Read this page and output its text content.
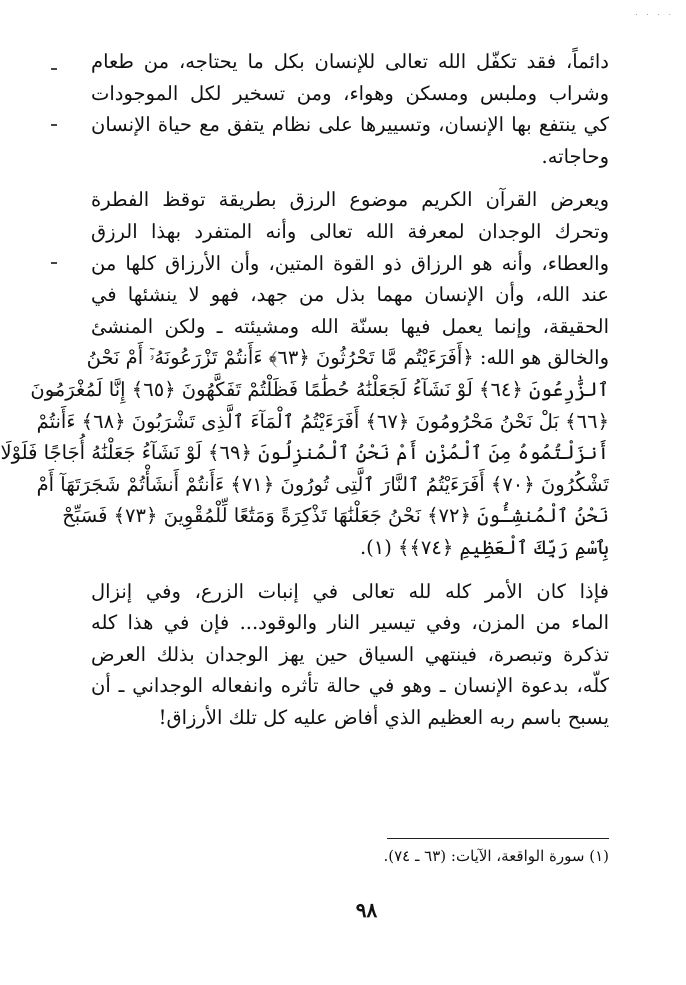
. . . .
دائماً، فقد تكفّل الله تعالى للإنسان بكل ما يحتاجه، من طعام
وشراب وملبس ومسكن وهواء، ومن تسخير لكل الموجودات
كي ينتفع بها الإنسان، وتسييرها على نظام يتفق مع حياة الإنسان
وحاجاته.
ويعرض القرآن الكريم موضوع الرزق بطريقة توقظ الفطرة
وتحرك الوجدان لمعرفة الله تعالى وأنه المتفرد بهذا الرزق
والعطاء، وأنه هو الرزاق ذو القوة المتين، وأن الأرزاق كلها من
عند الله، وأن الإنسان مهما بذل من جهد، فهو لا ينشئها في
الحقيقة، وإنما يعمل فيها بسنّة الله ومشيئته ـ ولكن المنشئ
والخالق هو الله: ﴿أَفَرَءَيْتُم مَّا تَحْرُثُونَ ﴿٦٣﴾ ءَأَنتُمْ تَزْرَعُونَهُۥٓ أَمْ نَحْنُ
ٱلزَّٰرِعُونَ ﴿٦٤﴾ لَوْ نَشَآءُ لَجَعَلْنَٰهُ حُطَٰمًا فَظَلْتُمْ تَفَكَّهُونَ ﴿٦٥﴾ إِنَّا لَمُغْرَمُونَ
﴿٦٦﴾ بَلْ نَحْنُ مَحْرُومُونَ ﴿٦٧﴾ أَفَرَءَيْتُمُ ٱلْمَآءَ ٱلَّذِى تَشْرَبُونَ ﴿٦٨﴾ ءَأَنتُمْ
أَنزَلْتُمُوهُ مِنَ ٱلْمُزْنِ أَمْ نَحْنُ ٱلْمُنزِلُونَ ﴿٦٩﴾ لَوْ نَشَآءُ جَعَلْنَٰهُ أُجَاجًا فَلَوْلَا
تَشْكُرُونَ ﴿٧٠﴾ أَفَرَءَيْتُمُ ٱلنَّارَ ٱلَّتِى تُورُونَ ﴿٧١﴾ ءَأَنتُمْ أَنشَأْتُمْ شَجَرَتَهَآ أَمْ
نَحْنُ ٱلْمُنشِـُٔونَ ﴿٧٢﴾ نَحْنُ جَعَلْنَٰهَا تَذْكِرَةً وَمَتَٰعًا لِّلْمُقْوِينَ ﴿٧٣﴾ فَسَبِّحْ
بِٱسْمِ رَبِّكَ ٱلْعَظِيمِ ﴿٧٤﴾﴾ (١).
فإذا كان الأمر كله لله تعالى في إنبات الزرع، وفي إنزال
الماء من المزن، وفي تيسير النار والوقود... فإن في هذا كله
تذكرة وتبصرة، فينتهي السياق حين يهز الوجدان بذلك العرض
كلّه، بدعوة الإنسان ـ وهو في حالة تأثره وانفعاله الوجداني ـ أن
يسبح باسم ربه العظيم الذي أفاض عليه كل تلك الأرزاق!
(١) سورة الواقعة، الآيات: (٦٣ ـ ٧٤).
٩٨
